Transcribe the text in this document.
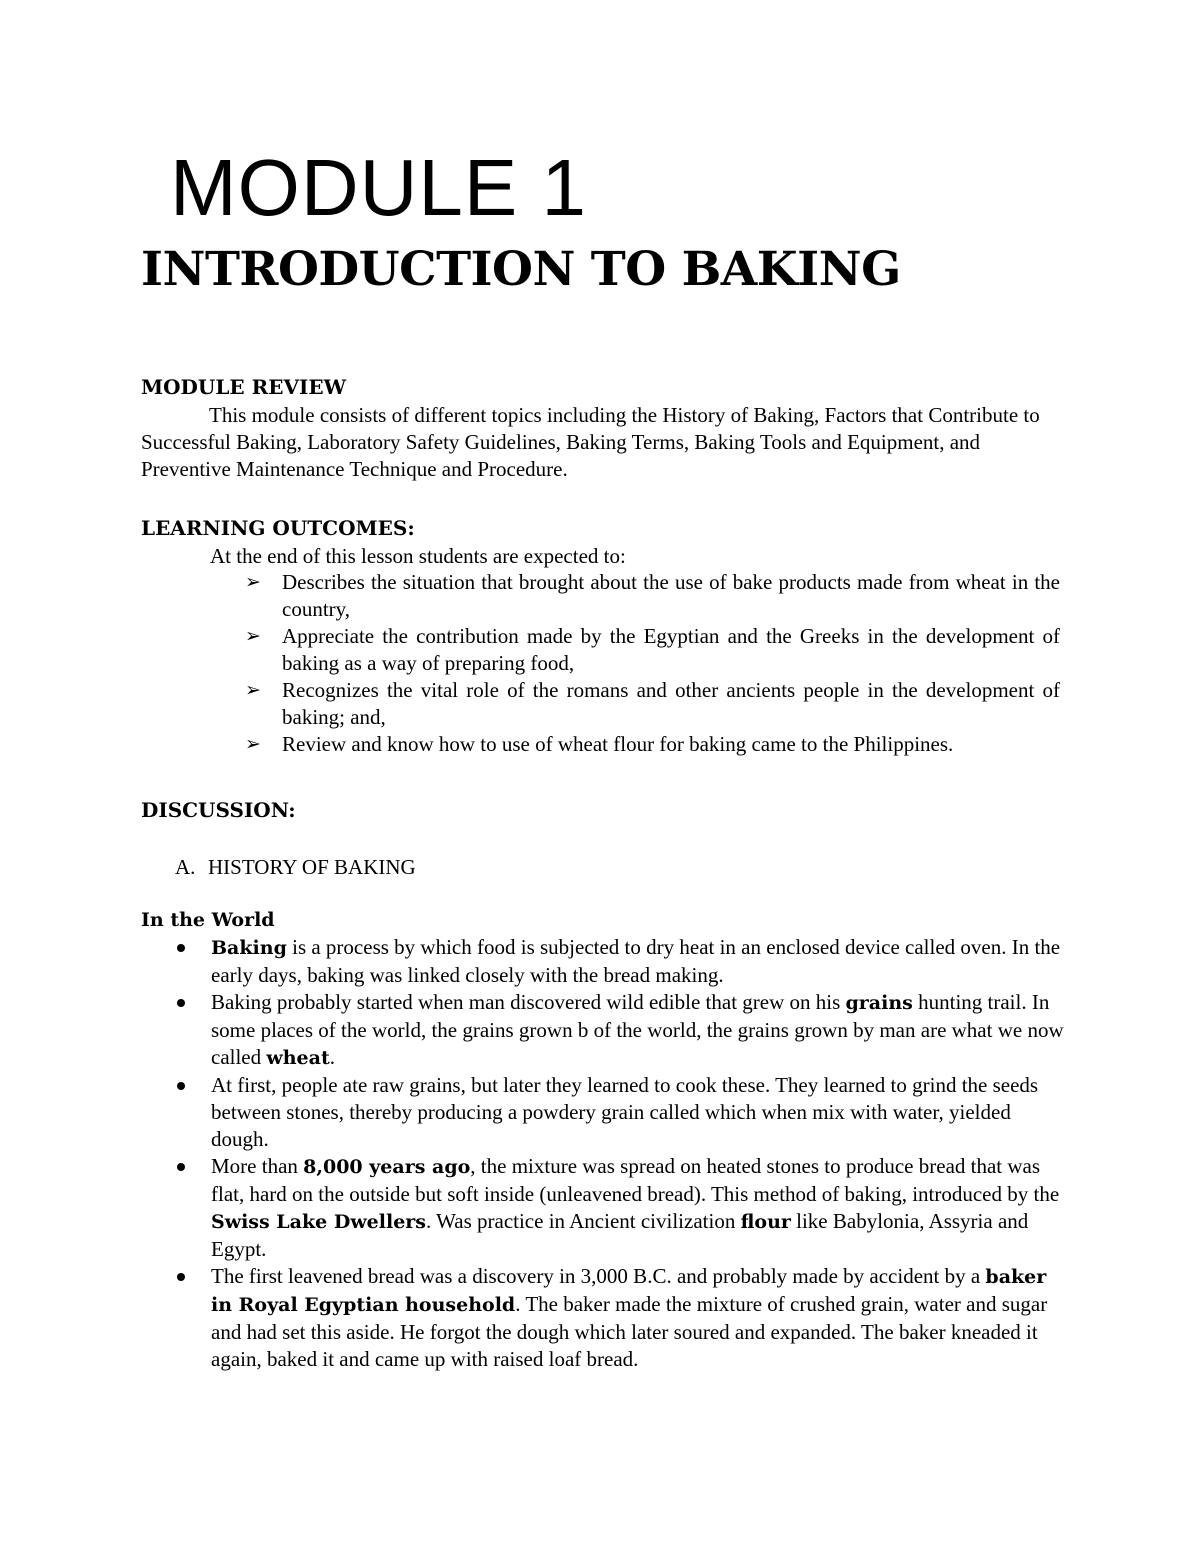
MODULE 1
INTRODUCTION TO BAKING
MODULE REVIEW
This module consists of different topics including the History of Baking, Factors that Contribute to Successful Baking, Laboratory Safety Guidelines, Baking Terms, Baking Tools and Equipment, and Preventive Maintenance Technique and Procedure.
LEARNING OUTCOMES:
At the end of this lesson students are expected to:
➢	Describes the situation that brought about the use of bake products made from wheat in the country,
➢	Appreciate the contribution made by the Egyptian and the Greeks in the development of baking as a way of preparing food,
➢	Recognizes the vital role of the romans and other ancients people in the development of baking; and,
➢	Review and know how to use of wheat flour for baking came to the Philippines.
DISCUSSION:
A. HISTORY OF BAKING
In the World
Baking is a process by which food is subjected to dry heat in an enclosed device called oven. In the early days, baking was linked closely with the bread making.
Baking probably started when man discovered wild edible that grew on his grains hunting trail. In some places of the world, the grains grown b of the world, the grains grown by man are what we now called wheat.
At first, people ate raw grains, but later they learned to cook these. They learned to grind the seeds between stones, thereby producing a powdery grain called which when mix with water, yielded dough.
More than 8,000 years ago, the mixture was spread on heated stones to produce bread that was flat, hard on the outside but soft inside (unleavened bread). This method of baking, introduced by the Swiss Lake Dwellers. Was practice in Ancient civilization flour like Babylonia, Assyria and Egypt.
The first leavened bread was a discovery in 3,000 B.C. and probably made by accident by a baker in Royal Egyptian household. The baker made the mixture of crushed grain, water and sugar and had set this aside. He forgot the dough which later soured and expanded. The baker kneaded it again, baked it and came up with raised loaf bread.
